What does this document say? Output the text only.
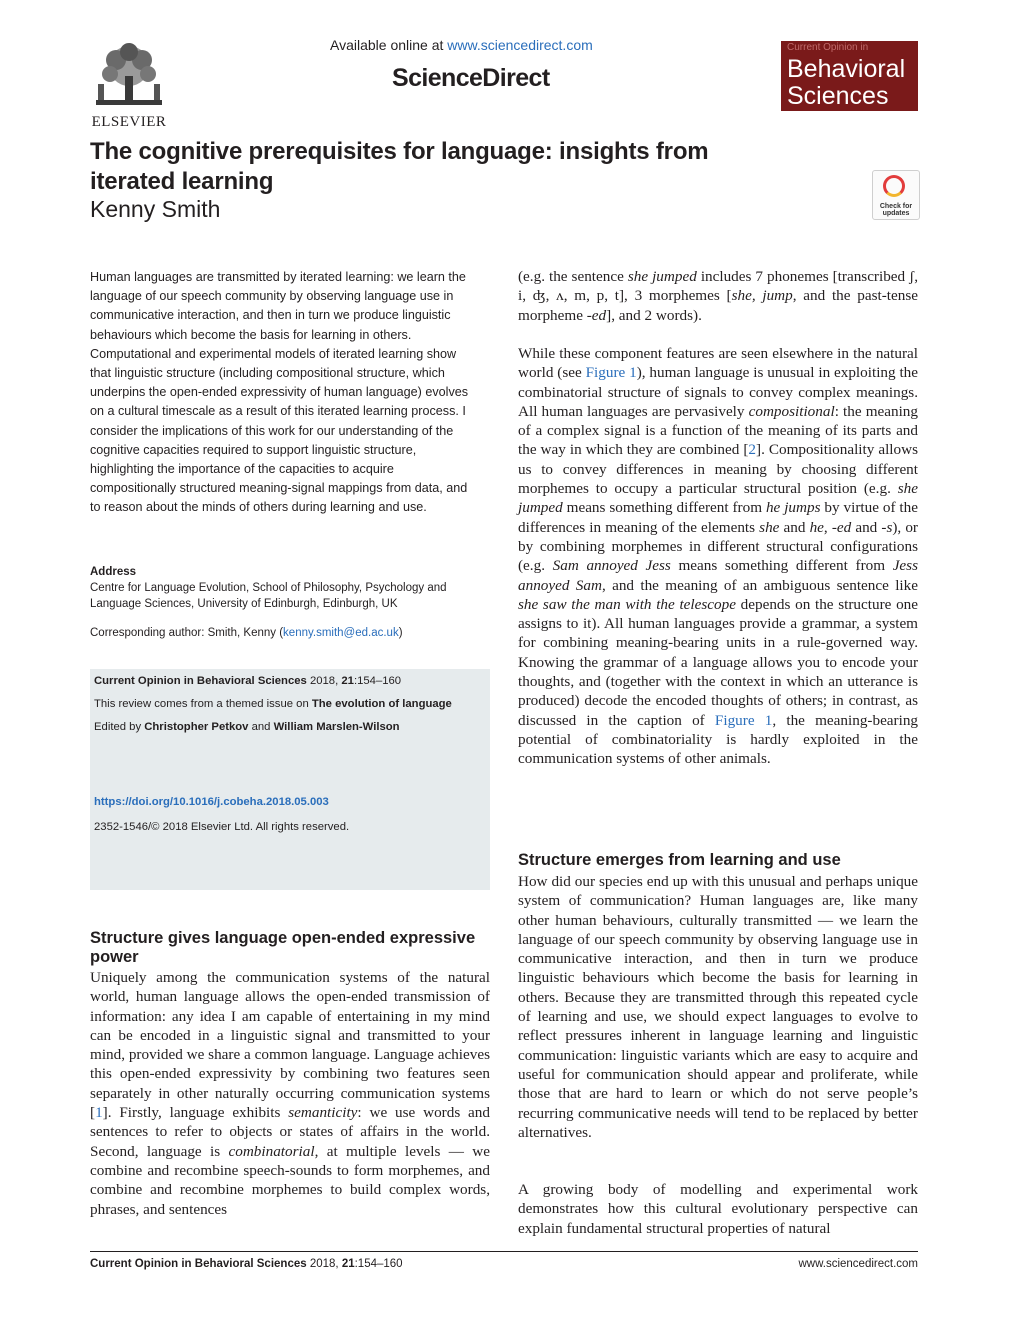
ELSEVIER
Available online at www.sciencedirect.com
ScienceDirect
Current Opinion in
Behavioral
Sciences
The cognitive prerequisites for language: insights from iterated learning
Kenny Smith	Check for
updates
Human languages are transmitted by iterated learning: we learn the language of our speech community by observing language use in communicative interaction, and then in turn we produce linguistic behaviours which become the basis for learning in others. Computational and experimental models of iterated learning show that linguistic structure (including compositional structure, which underpins the open-ended expressivity of human language) evolves on a cultural timescale as a result of this iterated learning process. I consider the implications of this work for our understanding of the cognitive capacities required to support linguistic structure, highlighting the importance of the capacities to acquire compositionally structured meaning-signal mappings from data, and to reason about the minds of others during learning and use.
Address
Centre for Language Evolution, School of Philosophy, Psychology and Language Sciences, University of Edinburgh, Edinburgh, UK
Corresponding author: Smith, Kenny (kenny.smith@ed.ac.uk)
Current Opinion in Behavioral Sciences 2018, 21:154–160
This review comes from a themed issue on The evolution of language
Edited by Christopher Petkov and William Marslen-Wilson
https://doi.org/10.1016/j.cobeha.2018.05.003
2352-1546/© 2018 Elsevier Ltd. All rights reserved.
Structure gives language open-ended expressive power
Uniquely among the communication systems of the natural world, human language allows the open-ended transmission of information: any idea I am capable of entertaining in my mind can be encoded in a linguistic signal and transmitted to your mind, provided we share a common language. Language achieves this open-ended expressivity by combining two features seen separately in other naturally occurring communication systems [1]. Firstly, language exhibits semanticity: we use words and sentences to refer to objects or states of affairs in the world. Second, language is combinatorial, at multiple levels — we combine and recombine speech-sounds to form morphemes, and combine and recombine morphemes to build complex words, phrases, and sentences
(e.g. the sentence she jumped includes 7 phonemes [transcribed ʃ, i, ʤ, ʌ, m, p, t], 3 morphemes [she, jump, and the past-tense morpheme -ed], and 2 words).
While these component features are seen elsewhere in the natural world (see Figure 1), human language is unusual in exploiting the combinatorial structure of signals to convey complex meanings. All human languages are pervasively compositional: the meaning of a complex signal is a function of the meaning of its parts and the way in which they are combined [2]. Compositionality allows us to convey differences in meaning by choosing different morphemes to occupy a particular structural position (e.g. she jumped means something different from he jumps by virtue of the differences in meaning of the elements she and he, -ed and -s), or by combining morphemes in different structural configurations (e.g. Sam annoyed Jess means something different from Jess annoyed Sam, and the meaning of an ambiguous sentence like she saw the man with the telescope depends on the structure one assigns to it). All human languages provide a grammar, a system for combining meaning-bearing units in a rule-governed way. Knowing the grammar of a language allows you to encode your thoughts, and (together with the context in which an utterance is produced) decode the encoded thoughts of others; in contrast, as discussed in the caption of Figure 1, the meaning-bearing potential of combinatoriality is hardly exploited in the communication systems of other animals.
Structure emerges from learning and use
How did our species end up with this unusual and perhaps unique system of communication? Human languages are, like many other human behaviours, culturally transmitted — we learn the language of our speech community by observing language use in communicative interaction, and then in turn we produce linguistic behaviours which become the basis for learning in others. Because they are transmitted through this repeated cycle of learning and use, we should expect languages to evolve to reflect pressures inherent in language learning and linguistic communication: linguistic variants which are easy to acquire and useful for communication should appear and proliferate, while those that are hard to learn or which do not serve people’s recurring communicative needs will tend to be replaced by better alternatives.
A growing body of modelling and experimental work demonstrates how this cultural evolutionary perspective can explain fundamental structural properties of natural
Current Opinion in Behavioral Sciences 2018, 21:154–160	www.sciencedirect.com
